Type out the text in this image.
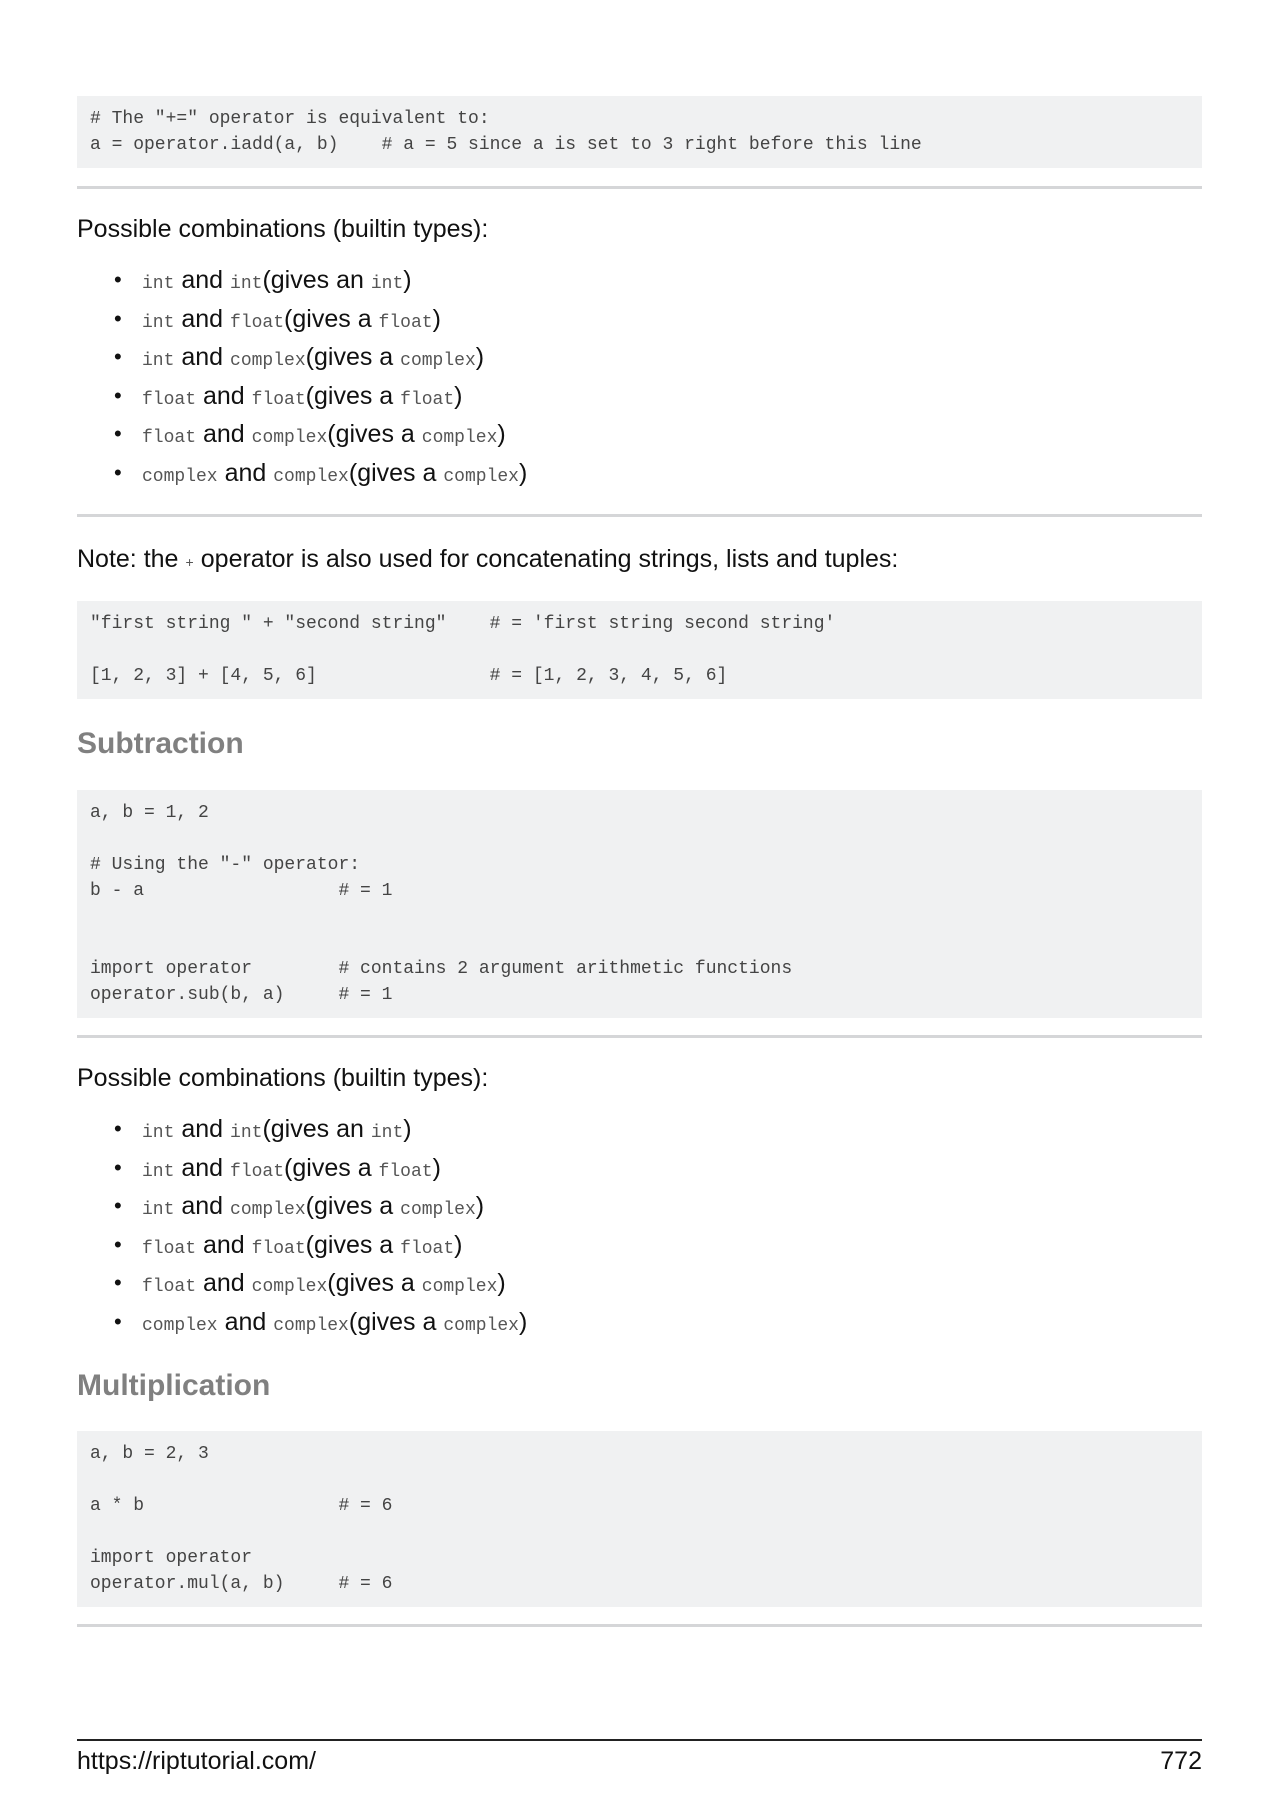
# The "+=" operator is equivalent to:
a = operator.iadd(a, b)    # a = 5 since a is set to 3 right before this line

Possible combinations (builtin types):

• int and int(gives an int)
• int and float(gives a float)
• int and complex(gives a complex)
• float and float(gives a float)
• float and complex(gives a complex)
• complex and complex(gives a complex)

Note: the + operator is also used for concatenating strings, lists and tuples:

"first string " + "second string"    # = 'first string second string'

[1, 2, 3] + [4, 5, 6]                # = [1, 2, 3, 4, 5, 6]
Subtraction
a, b = 1, 2

# Using the "-" operator:
b - a                  # = 1

import operator        # contains 2 argument arithmetic functions
operator.sub(b, a)     # = 1

Possible combinations (builtin types):

• int and int(gives an int)
• int and float(gives a float)
• int and complex(gives a complex)
• float and float(gives a float)
• float and complex(gives a complex)
• complex and complex(gives a complex)
Multiplication
a, b = 2, 3

a * b                  # = 6

import operator
operator.mul(a, b)     # = 6
https://riptutorial.com/	772
